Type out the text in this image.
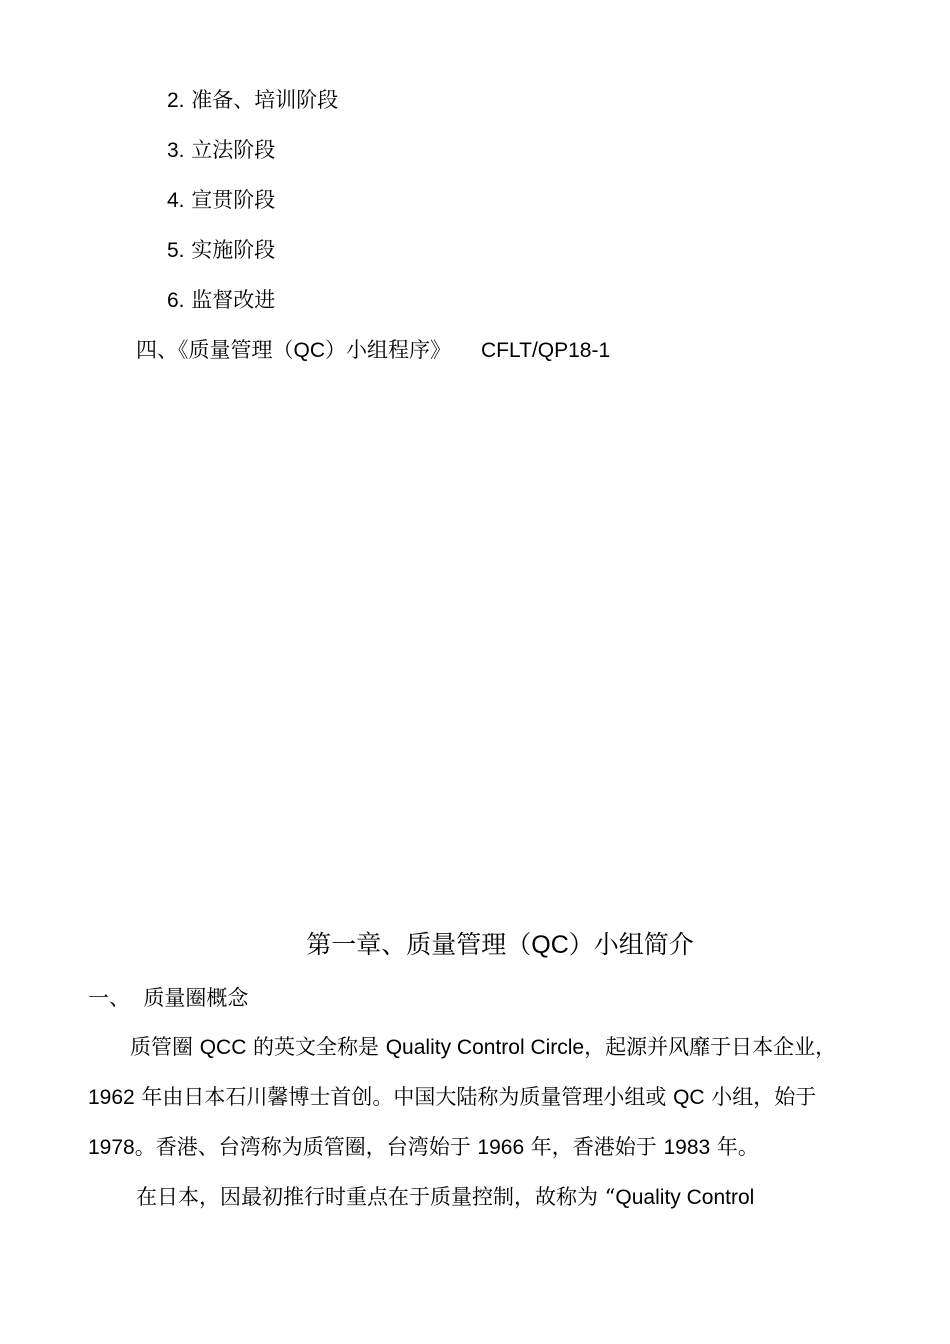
2. 准备、培训阶段
3. 立法阶段
4. 宣贯阶段
5. 实施阶段
6. 监督改进
四、《质量管理（QC）小组程序》 CFLT/QP18-1
第一章、质量管理（QC）小组简介
一、  质量圈概念
质管圈 QCC 的英文全称是 Quality Control Circle，起源并风靡于日本企业，
1962 年由日本石川馨博士首创。中国大陆称为质量管理小组或 QC 小组，始于
1978。香港、台湾称为质管圈，台湾始于 1966 年，香港始于 1983 年。
在日本，因最初推行时重点在于质量控制，故称为 “Quality Control
